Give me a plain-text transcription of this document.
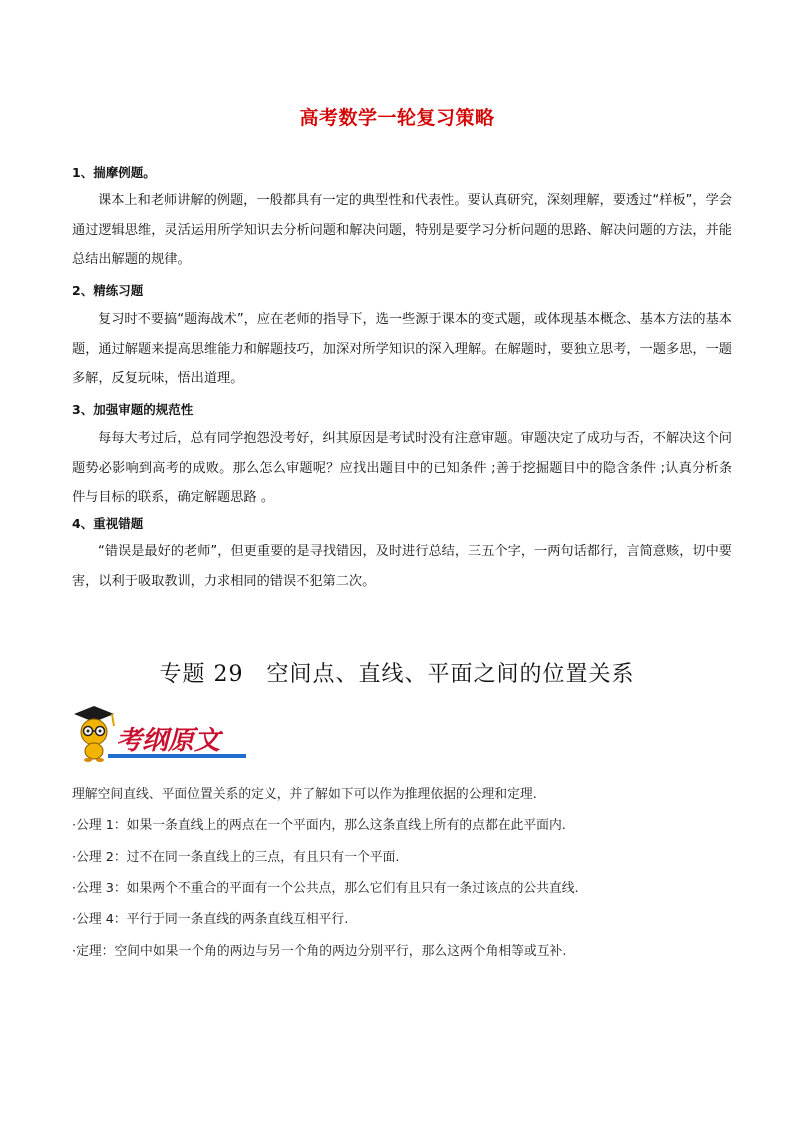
高考数学一轮复习策略
1、揣摩例题。
课本上和老师讲解的例题，一般都具有一定的典型性和代表性。要认真研究，深刻理解，要透过“样板”，学会通过逻辑思维，灵活运用所学知识去分析问题和解决问题，特别是要学习分析问题的思路、解决问题的方法，并能总结出解题的规律。
2、精练习题
复习时不要搞“题海战术”，应在老师的指导下，选一些源于课本的变式题，或体现基本概念、基本方法的基本题，通过解题来提高思维能力和解题技巧，加深对所学知识的深入理解。在解题时，要独立思考，一题多思，一题多解，反复玩味，悟出道理。
3、加强审题的规范性
每每大考过后，总有同学抱怨没考好，纠其原因是考试时没有注意审题。审题决定了成功与否，不解决这个问题势必影响到高考的成败。那么怎么审题呢？应找出题目中的已知条件 ;善于挖掘题目中的隐含条件 ;认真分析条件与目标的联系，确定解题思路 。
4、重视错题
“错误是最好的老师”，但更重要的是寻找错因，及时进行总结，三五个字，一两句话都行，言简意赅，切中要害，以利于吸取教训，力求相同的错误不犯第二次。
专题 29　空间点、直线、平面之间的位置关系
考纲原文
理解空间直线、平面位置关系的定义，并了解如下可以作为推理依据的公理和定理.
·公理 1：如果一条直线上的两点在一个平面内，那么这条直线上所有的点都在此平面内.
·公理 2：过不在同一条直线上的三点，有且只有一个平面.
·公理 3：如果两个不重合的平面有一个公共点，那么它们有且只有一条过该点的公共直线.
·公理 4：平行于同一条直线的两条直线互相平行.
·定理：空间中如果一个角的两边与另一个角的两边分别平行，那么这两个角相等或互补.
